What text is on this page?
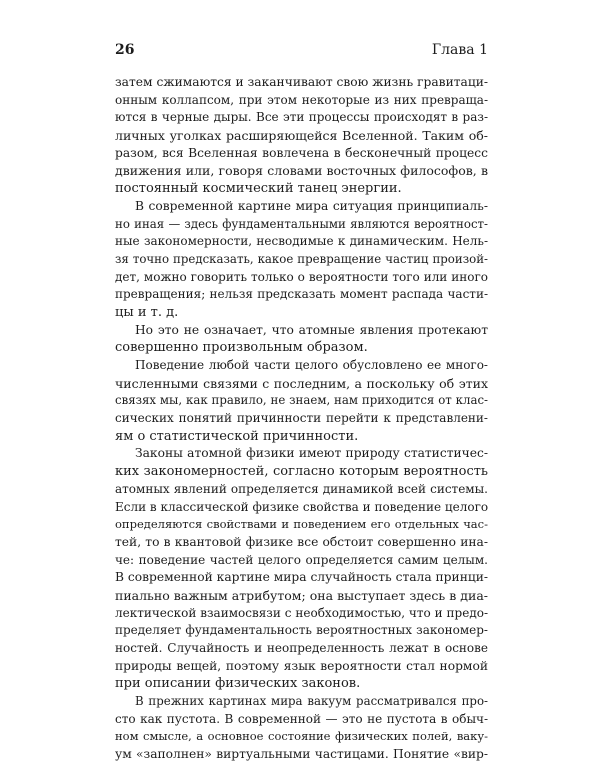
26	Глава 1
затем сжимаются и заканчивают свою жизнь гравитаци-
онным коллапсом, при этом некоторые из них превраща-
ются в черные дыры. Все эти процессы происходят в раз-
личных уголках расширяющейся Вселенной. Таким об-
разом, вся Вселенная вовлечена в бесконечный процесс
движения или, говоря словами восточных философов, в
постоянный космический танец энергии.
В современной картине мира ситуация принципиаль-
но иная — здесь фундаментальными являются вероятност-
ные закономерности, несводимые к динамическим. Нель-
зя точно предсказать, какое превращение частиц произой-
дет, можно говорить только о вероятности того или иного
превращения; нельзя предсказать момент распада части-
цы и т. д.
Но это не означает, что атомные явления протекают
совершенно произвольным образом.
Поведение любой части целого обусловлено ее много-
численными связями с последним, а поскольку об этих
связях мы, как правило, не знаем, нам приходится от клас-
сических понятий причинности перейти к представлени-
ям о статистической причинности.
Законы атомной физики имеют природу статистичес-
ких закономерностей, согласно которым вероятность
атомных явлений определяется динамикой всей системы.
Если в классической физике свойства и поведение целого
определяются свойствами и поведением его отдельных час-
тей, то в квантовой физике все обстоит совершенно ина-
че: поведение частей целого определяется самим целым.
В современной картине мира случайность стала принци-
пиально важным атрибутом; она выступает здесь в диа-
лектической взаимосвязи с необходимостью, что и предо-
пределяет фундаментальность вероятностных закономер-
ностей. Случайность и неопределенность лежат в основе
природы вещей, поэтому язык вероятности стал нормой
при описании физических законов.
В прежних картинах мира вакуум рассматривался про-
сто как пустота. В современной — это не пустота в обыч-
ном смысле, а основное состояние физических полей, ваку-
ум «заполнен» виртуальными частицами. Понятие «вир-
